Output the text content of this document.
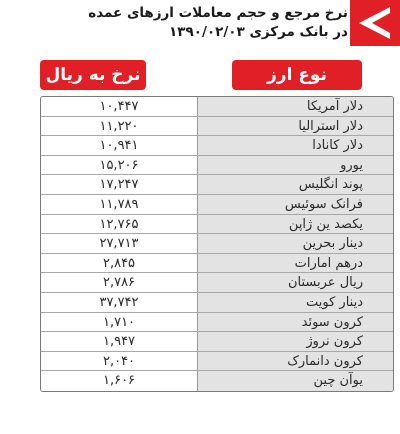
نرخ مرجع و حجم معاملات ارزهای عمده
در بانک مرکزی ۱۳۹۰/۰۲/۰۳
نرخ به ریال	نوع ارز
۱۰,۴۴۷	دلار آمریکا
۱۱,۲۲۰	دلار استرالیا
۱۰,۹۴۱	دلار کانادا
۱۵,۲۰۶	یورو
۱۷,۲۴۷	پوند انگلیس
۱۱,۷۸۹	فرانک سوئیس
۱۲,۷۶۵	یکصد ین ژاپن
۲۷,۷۱۳	دینار بحرین
۲,۸۴۵	درهم امارات
۲,۷۸۶	ریال عربستان
۳۷,۷۴۲	دینار کویت
۱,۷۱۰	کرون سوئد
۱,۹۴۷	کرون نروژ
۲,۰۴۰	کرون دانمارک
۱,۶۰۶	یوآن چین
